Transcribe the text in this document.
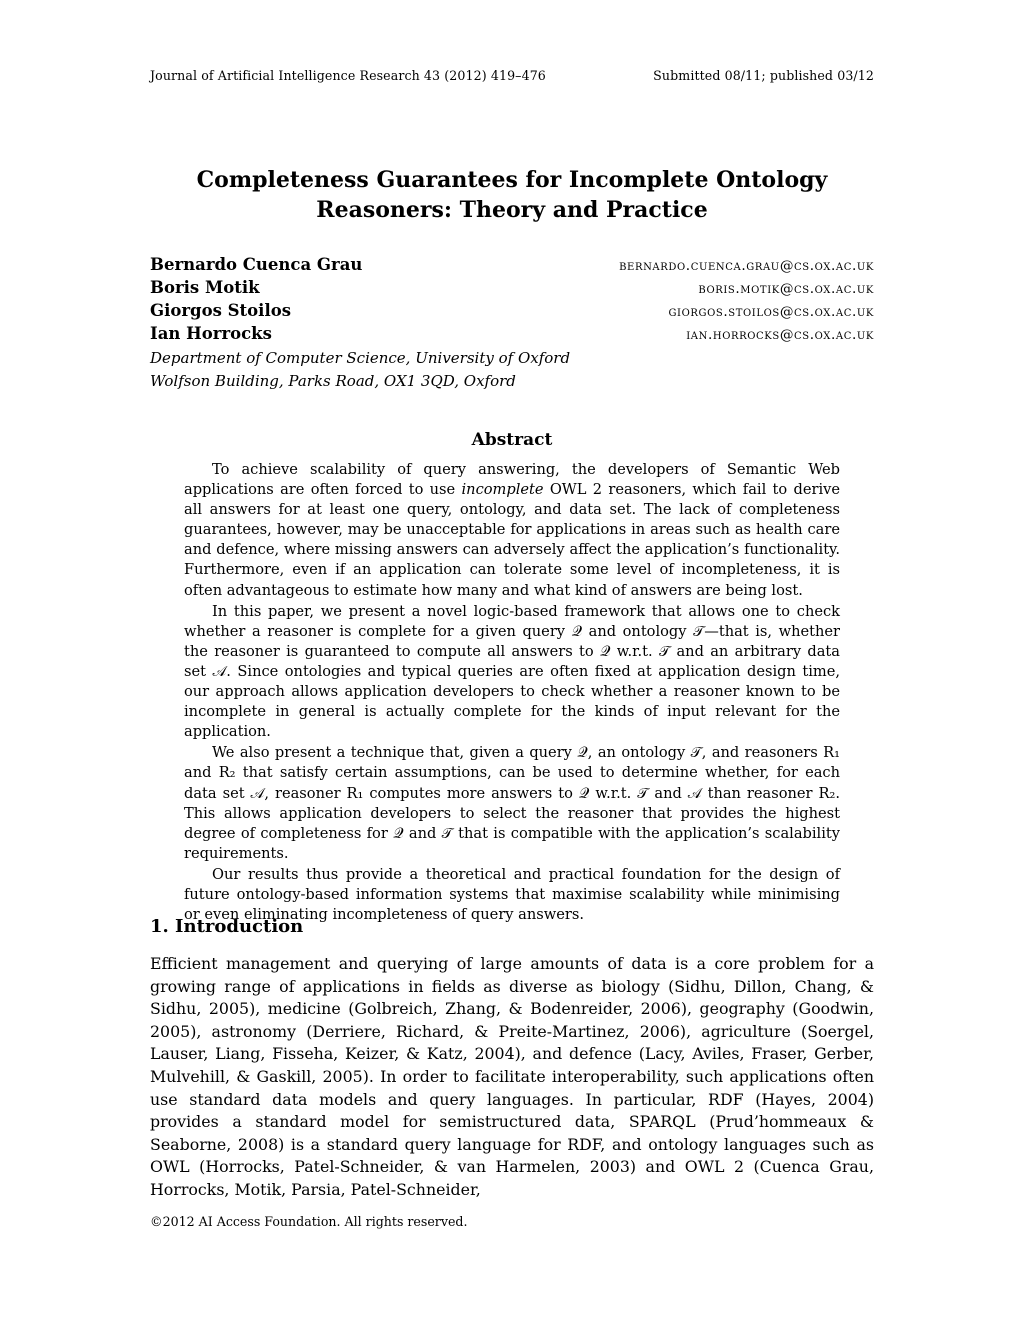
Journal of Artificial Intelligence Research 43 (2012) 419–476	Submitted 08/11; published 03/12
Completeness Guarantees for Incomplete Ontology
Reasoners: Theory and Practice
Bernardo Cuenca Grau	bernardo.cuenca.grau@cs.ox.ac.uk
Boris Motik	boris.motik@cs.ox.ac.uk
Giorgos Stoilos	giorgos.stoilos@cs.ox.ac.uk
Ian Horrocks	ian.horrocks@cs.ox.ac.uk
Department of Computer Science, University of Oxford
Wolfson Building, Parks Road, OX1 3QD, Oxford
Abstract

To achieve scalability of query answering, the developers of Semantic Web applications are often forced to use incomplete OWL 2 reasoners, which fail to derive all answers for at least one query, ontology, and data set. The lack of completeness guarantees, however, may be unacceptable for applications in areas such as health care and defence, where missing answers can adversely affect the application’s functionality. Furthermore, even if an application can tolerate some level of incompleteness, it is often advantageous to estimate how many and what kind of answers are being lost.

In this paper, we present a novel logic-based framework that allows one to check whether a reasoner is complete for a given query 𝒬 and ontology 𝒯—that is, whether the reasoner is guaranteed to compute all answers to 𝒬 w.r.t. 𝒯 and an arbitrary data set 𝒜. Since ontologies and typical queries are often fixed at application design time, our approach allows application developers to check whether a reasoner known to be incomplete in general is actually complete for the kinds of input relevant for the application.

We also present a technique that, given a query 𝒬, an ontology 𝒯, and reasoners R₁ and R₂ that satisfy certain assumptions, can be used to determine whether, for each data set 𝒜, reasoner R₁ computes more answers to 𝒬 w.r.t. 𝒯 and 𝒜 than reasoner R₂. This allows application developers to select the reasoner that provides the highest degree of completeness for 𝒬 and 𝒯 that is compatible with the application’s scalability requirements.

Our results thus provide a theoretical and practical foundation for the design of future ontology-based information systems that maximise scalability while minimising or even eliminating incompleteness of query answers.

1. Introduction

Efficient management and querying of large amounts of data is a core problem for a growing range of applications in fields as diverse as biology (Sidhu, Dillon, Chang, & Sidhu, 2005), medicine (Golbreich, Zhang, & Bodenreider, 2006), geography (Goodwin, 2005), astronomy (Derriere, Richard, & Preite-Martinez, 2006), agriculture (Soergel, Lauser, Liang, Fisseha, Keizer, & Katz, 2004), and defence (Lacy, Aviles, Fraser, Gerber, Mulvehill, & Gaskill, 2005). In order to facilitate interoperability, such applications often use standard data models and query languages. In particular, RDF (Hayes, 2004) provides a standard model for semistructured data, SPARQL (Prud’hommeaux & Seaborne, 2008) is a standard query language for RDF, and ontology languages such as OWL (Horrocks, Patel-Schneider, & van Harmelen, 2003) and OWL 2 (Cuenca Grau, Horrocks, Motik, Parsia, Patel-Schneider,

©2012 AI Access Foundation. All rights reserved.
